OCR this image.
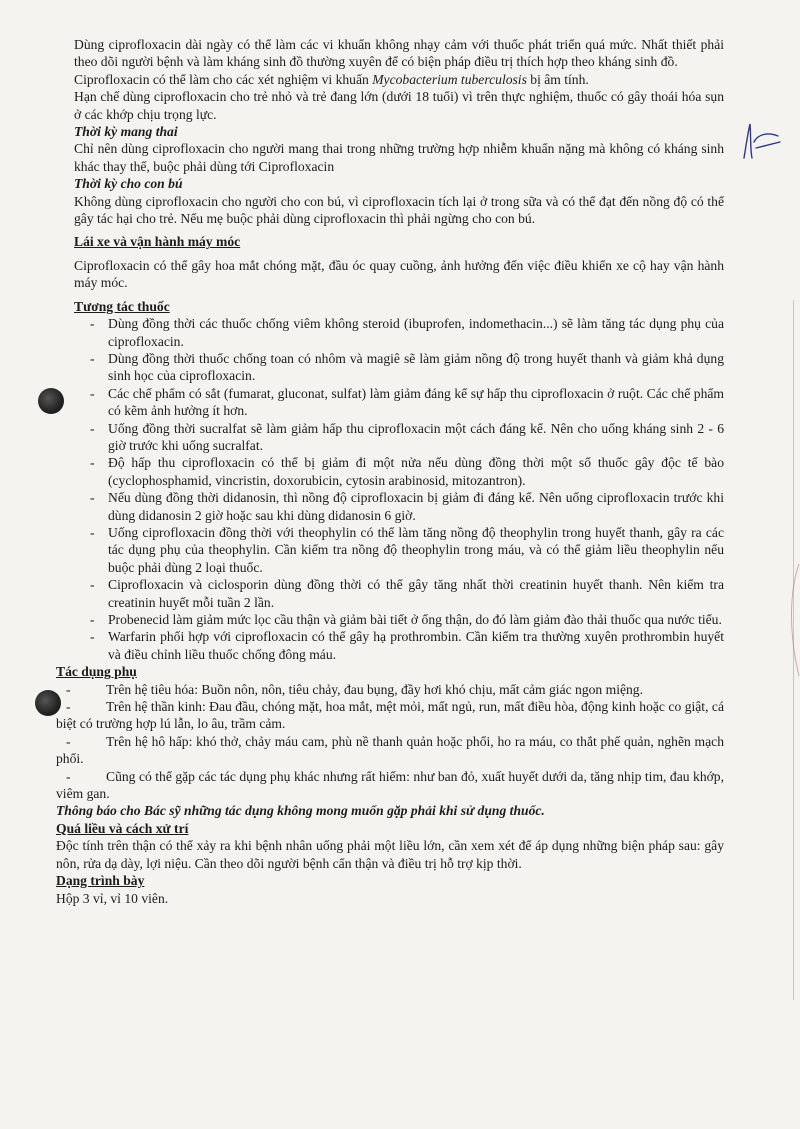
Dùng ciprofloxacin dài ngày có thể làm các vi khuẩn không nhạy cảm với thuốc phát triển quá mức. Nhất thiết phải theo dõi người bệnh và làm kháng sinh đồ thường xuyên để có biện pháp điều trị thích hợp theo kháng sinh đồ.

Ciprofloxacin có thể làm cho các xét nghiệm vi khuẩn Mycobacterium tuberculosis bị âm tính.

Hạn chế dùng ciprofloxacin cho trẻ nhỏ và trẻ đang lớn (dưới 18 tuổi) vì trên thực nghiệm, thuốc có gây thoái hóa sụn ở các khớp chịu trọng lực.

Thời kỳ mang thai

Chỉ nên dùng ciprofloxacin cho người mang thai trong những trường hợp nhiễm khuẩn nặng mà không có kháng sinh khác thay thế, buộc phải dùng tới Ciprofloxacin

Thời kỳ cho con bú

Không dùng ciprofloxacin cho người cho con bú, vì ciprofloxacin tích lại ở trong sữa và có thể đạt đến nồng độ có thể gây tác hại cho trẻ. Nếu mẹ buộc phải dùng ciprofloxacin thì phải ngừng cho con bú.

Lái xe và vận hành máy móc

Ciprofloxacin có thể gây hoa mắt chóng mặt, đầu óc quay cuồng, ảnh hưởng đến việc điều khiển xe cộ hay vận hành máy móc.

Tương tác thuốc

- Dùng đồng thời các thuốc chống viêm không steroid (ibuprofen, indomethacin...) sẽ làm tăng tác dụng phụ của ciprofloxacin.
- Dùng đồng thời thuốc chống toan có nhôm và magiê sẽ làm giảm nồng độ trong huyết thanh và giảm khả dụng sinh học của ciprofloxacin.
- Các chế phẩm có sắt (fumarat, gluconat, sulfat) làm giảm đáng kể sự hấp thu ciprofloxacin ở ruột. Các chế phẩm có kẽm ảnh hưởng ít hơn.
- Uống đồng thời sucralfat sẽ làm giảm hấp thu ciprofloxacin một cách đáng kể. Nên cho uống kháng sinh 2 - 6 giờ trước khi uống sucralfat.
- Độ hấp thu ciprofloxacin có thể bị giảm đi một nửa nếu dùng đồng thời một số thuốc gây độc tế bào (cyclophosphamid, vincristin, doxorubicin, cytosin arabinosid, mitozantron).
- Nếu dùng đồng thời didanosin, thì nồng độ ciprofloxacin bị giảm đi đáng kể. Nên uống ciprofloxacin trước khi dùng didanosin 2 giờ hoặc sau khi dùng didanosin 6 giờ.
- Uống ciprofloxacin đồng thời với theophylin có thể làm tăng nồng độ theophylin trong huyết thanh, gây ra các tác dụng phụ của theophylin. Cần kiểm tra nồng độ theophylin trong máu, và có thể giảm liều theophylin nếu buộc phải dùng 2 loại thuốc.
- Ciprofloxacin và ciclosporin dùng đồng thời có thể gây tăng nhất thời creatinin huyết thanh. Nên kiểm tra creatinin huyết mỗi tuần 2 lần.
- Probenecid làm giảm mức lọc cầu thận và giảm bài tiết ở ống thận, do đó làm giảm đào thải thuốc qua nước tiểu.
- Warfarin phối hợp với ciprofloxacin có thể gây hạ prothrombin. Cần kiểm tra thường xuyên prothrombin huyết và điều chỉnh liều thuốc chống đông máu.

Tác dụng phụ

-	Trên hệ tiêu hóa: Buồn nôn, nôn, tiêu chảy, đau bụng, đầy hơi khó chịu, mất cảm giác ngon miệng.
-	Trên hệ thần kinh: Đau đầu, chóng mặt, hoa mắt, mệt mỏi, mất ngủ, run, mất điều hòa, động kinh hoặc co giật, cá biệt có trường hợp lú lẫn, lo âu, trầm cảm.
-	Trên hệ hô hấp: khó thở, chảy máu cam, phù nề thanh quản hoặc phổi, ho ra máu, co thắt phế quản, nghẽn mạch phổi.
-	Cũng có thể gặp các tác dụng phụ khác nhưng rất hiếm: như ban đỏ, xuất huyết dưới da, tăng nhịp tim, đau khớp, viêm gan.

Thông báo cho Bác sỹ những tác dụng không mong muốn gặp phải khi sử dụng thuốc.

Quá liều và cách xử trí

Độc tính trên thận có thể xảy ra khi bệnh nhân uống phải một liều lớn, cần xem xét để áp dụng những biện pháp sau: gây nôn, rửa dạ dày, lợi niệu. Cần theo dõi người bệnh cẩn thận và điều trị hỗ trợ kịp thời.

Dạng trình bày

Hộp 3 vỉ, vỉ 10 viên.
